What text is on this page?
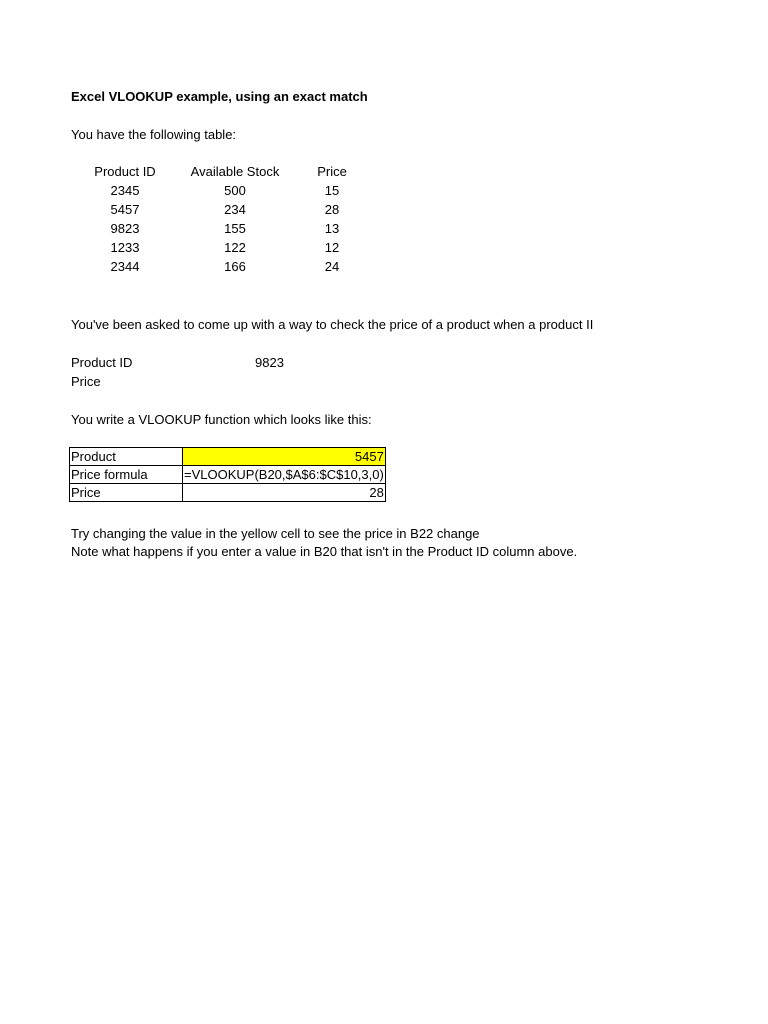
Excel VLOOKUP example, using an exact match
You have the following table:
Product ID	Available Stock	Price
2345	500	15
5457	234	28
9823	155	13
1233	122	12
2344	166	24
You've been asked to come up with a way to check the price of a product when a product II
Product ID	9823
Price
You write a VLOOKUP function which looks like this:
Product	5457
Price formula	=VLOOKUP(B20,$A$6:$C$10,3,0)
Price	28
Try changing the value in the yellow cell to see the price in B22 change
Note what happens if you enter a value in B20 that isn't in the Product ID column above.
